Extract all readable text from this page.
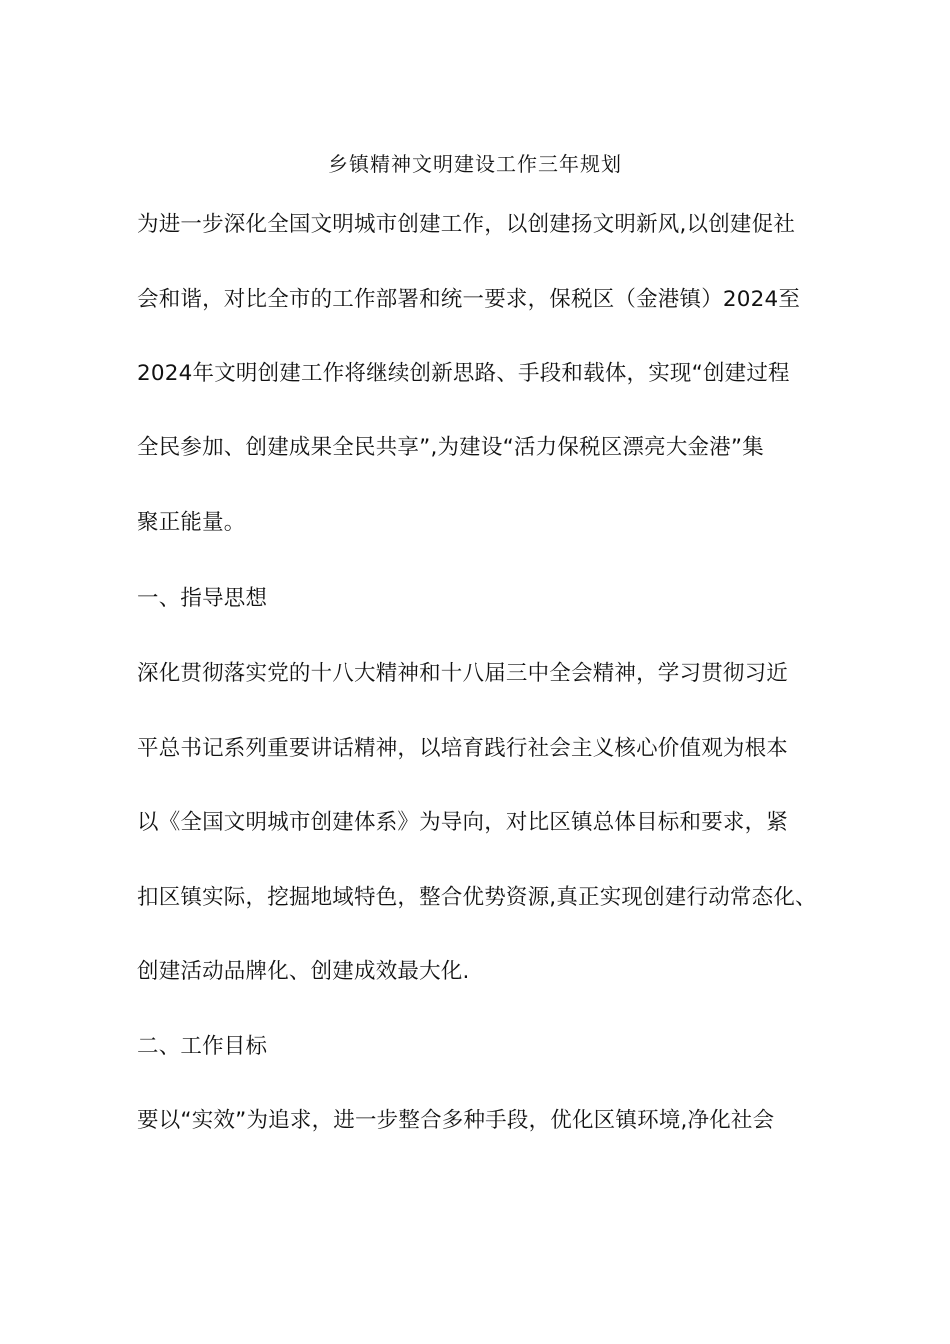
乡镇精神文明建设工作三年规划
为进一步深化全国文明城市创建工作，以创建扬文明新风,以创建促社
会和谐，对比全市的工作部署和统一要求，保税区（金港镇）2024至
2024年文明创建工作将继续创新思路、手段和载体，实现“创建过程
全民参加、创建成果全民共享”,为建设“活力保税区漂亮大金港”集
聚正能量。
一、指导思想
深化贯彻落实党的十八大精神和十八届三中全会精神，学习贯彻习近
平总书记系列重要讲话精神，以培育践行社会主义核心价值观为根本
以《全国文明城市创建体系》为导向，对比区镇总体目标和要求，紧
扣区镇实际，挖掘地域特色，整合优势资源,真正实现创建行动常态化、
创建活动品牌化、创建成效最大化.
二、工作目标
要以“实效”为追求，进一步整合多种手段，优化区镇环境,净化社会
